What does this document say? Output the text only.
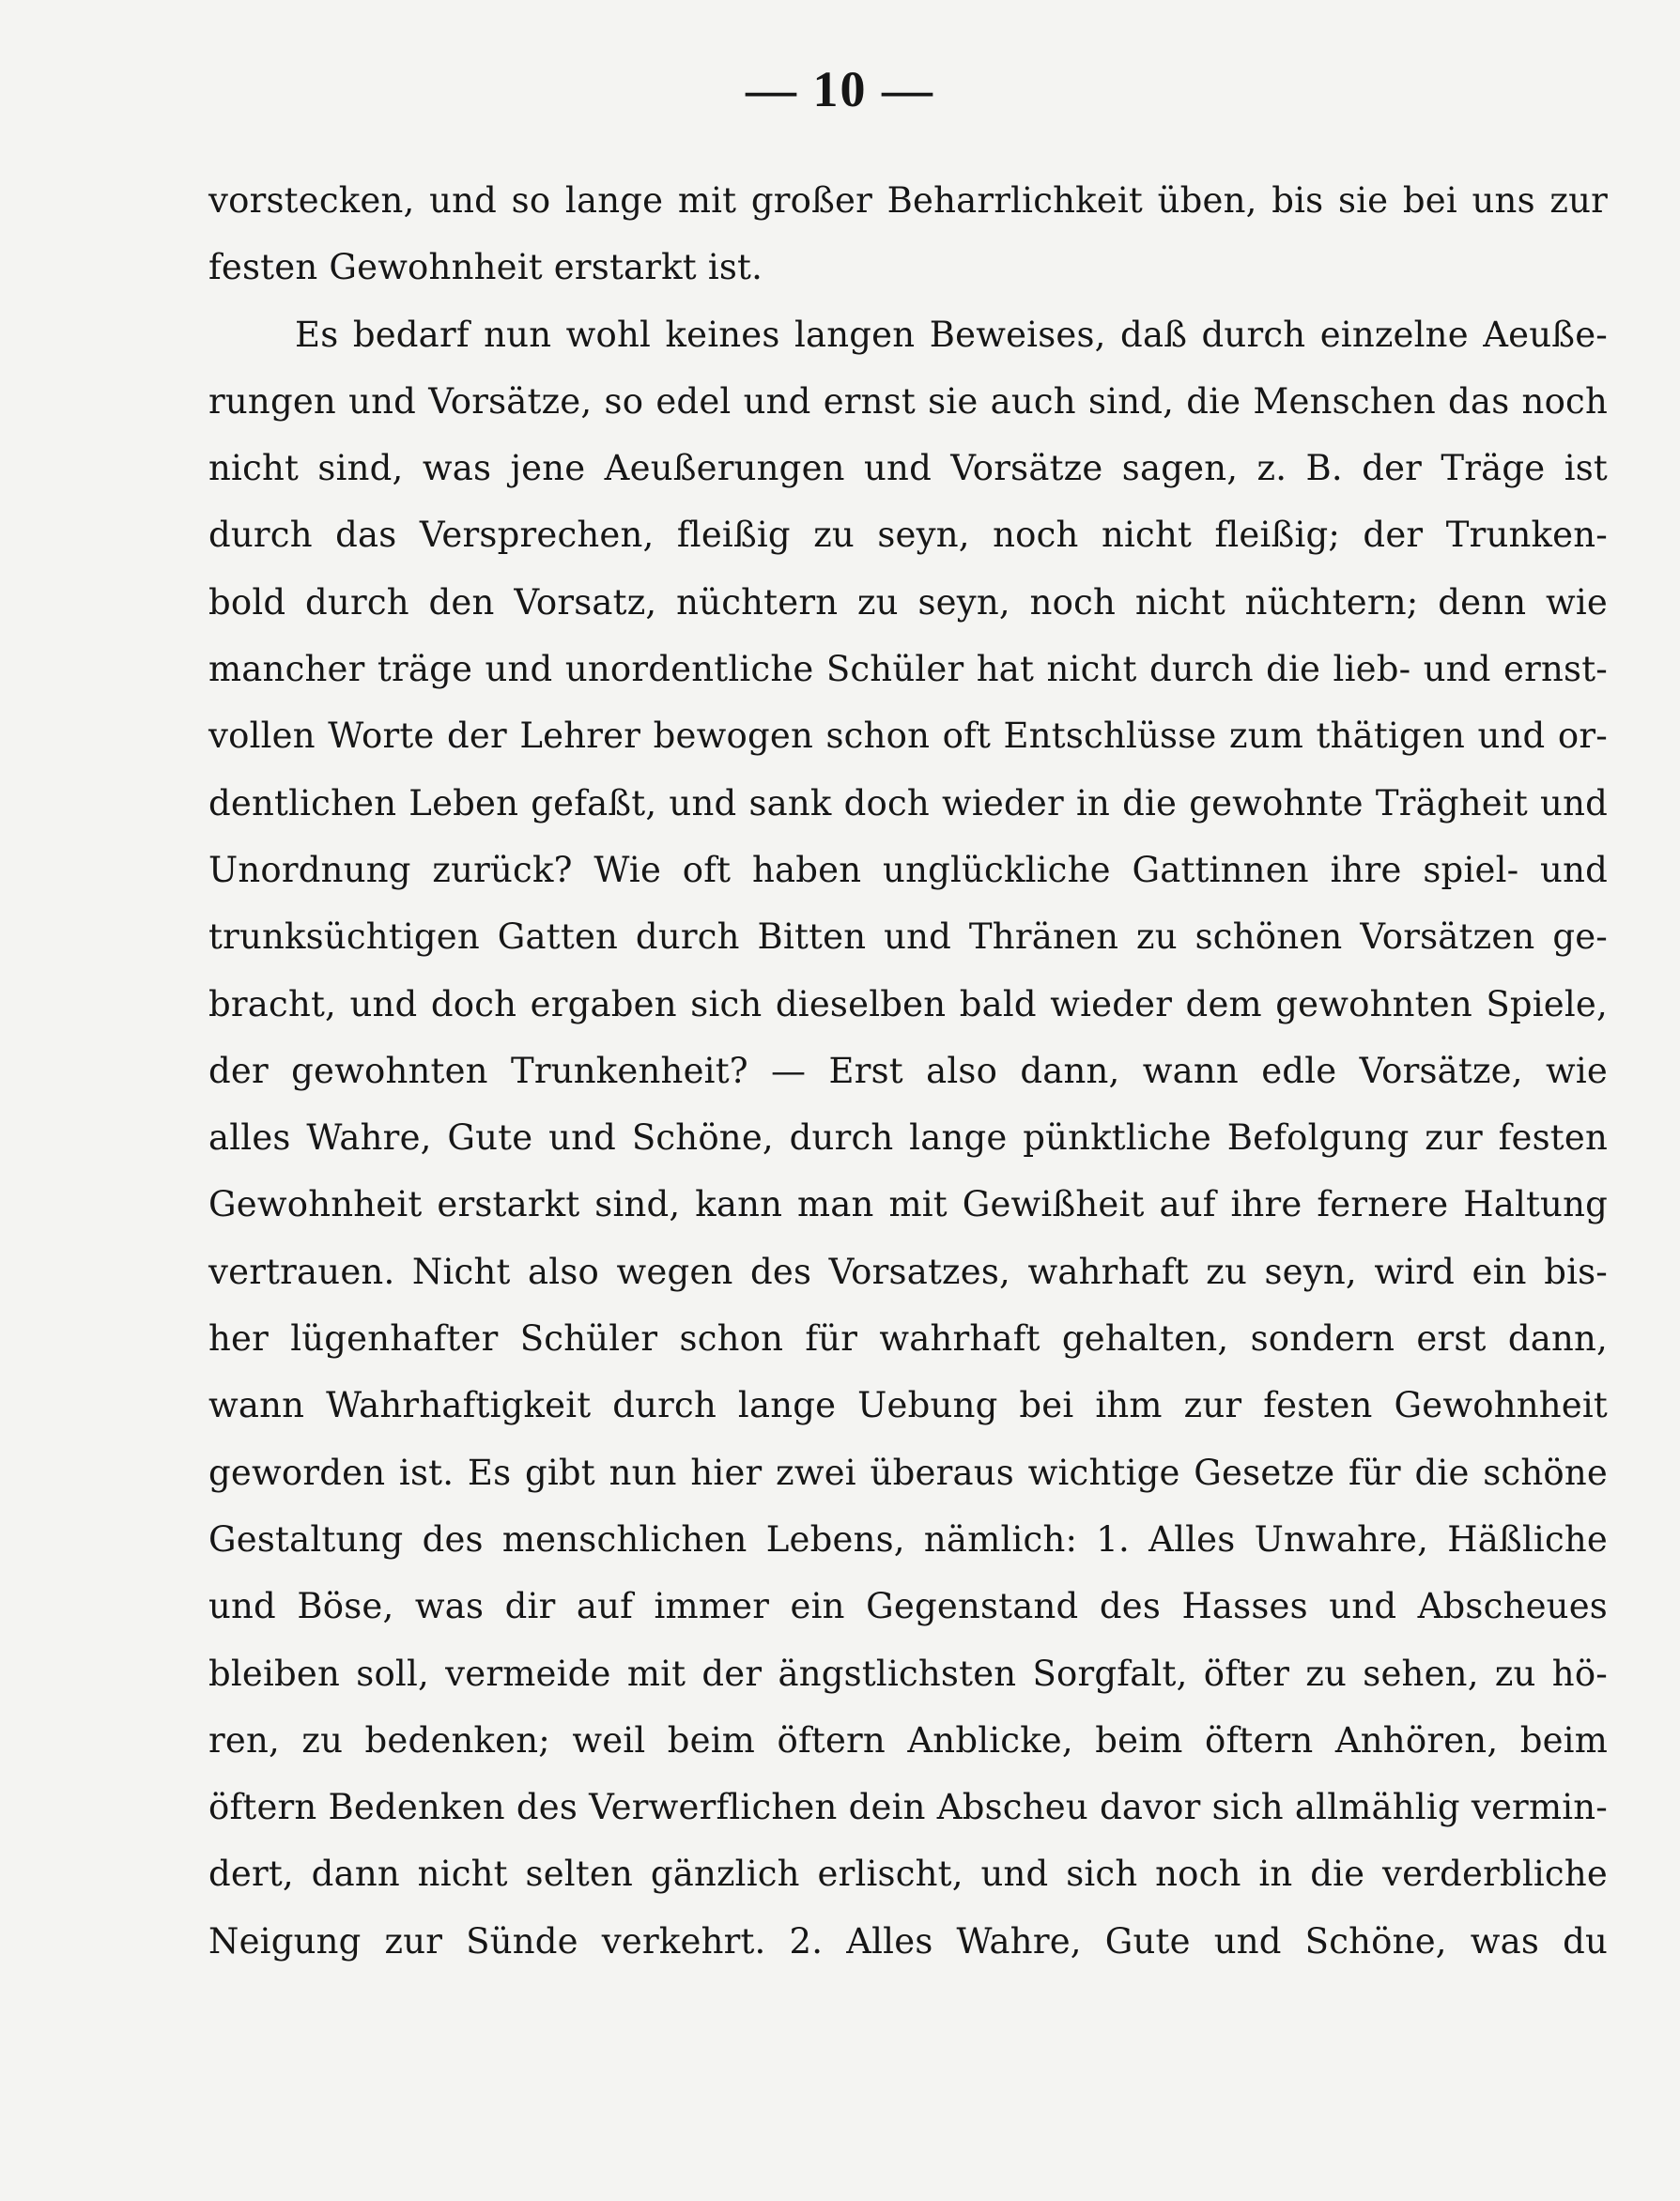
— 10 —
vorstecken, und so lange mit großer Beharrlichkeit üben, bis sie bei uns zur
festen Gewohnheit erstarkt ist.
Es bedarf nun wohl keines langen Beweises, daß durch einzelne Aeuße-
rungen und Vorsätze, so edel und ernst sie auch sind, die Menschen das noch
nicht sind, was jene Aeußerungen und Vorsätze sagen, z. B. der Träge ist
durch das Versprechen, fleißig zu seyn, noch nicht fleißig; der Trunken-
bold durch den Vorsatz, nüchtern zu seyn, noch nicht nüchtern; denn wie
mancher träge und unordentliche Schüler hat nicht durch die lieb- und ernst-
vollen Worte der Lehrer bewogen schon oft Entschlüsse zum thätigen und or-
dentlichen Leben gefaßt, und sank doch wieder in die gewohnte Trägheit und
Unordnung zurück? Wie oft haben unglückliche Gattinnen ihre spiel- und
trunksüchtigen Gatten durch Bitten und Thränen zu schönen Vorsätzen ge-
bracht, und doch ergaben sich dieselben bald wieder dem gewohnten Spiele,
der gewohnten Trunkenheit? — Erst also dann, wann edle Vorsätze, wie
alles Wahre, Gute und Schöne, durch lange pünktliche Befolgung zur festen
Gewohnheit erstarkt sind, kann man mit Gewißheit auf ihre fernere Haltung
vertrauen. Nicht also wegen des Vorsatzes, wahrhaft zu seyn, wird ein bis-
her lügenhafter Schüler schon für wahrhaft gehalten, sondern erst dann,
wann Wahrhaftigkeit durch lange Uebung bei ihm zur festen Gewohnheit
geworden ist. Es gibt nun hier zwei überaus wichtige Gesetze für die schöne
Gestaltung des menschlichen Lebens, nämlich: 1. Alles Unwahre, Häßliche
und Böse, was dir auf immer ein Gegenstand des Hasses und Abscheues
bleiben soll, vermeide mit der ängstlichsten Sorgfalt, öfter zu sehen, zu hö-
ren, zu bedenken; weil beim öftern Anblicke, beim öftern Anhören, beim
öftern Bedenken des Verwerflichen dein Abscheu davor sich allmählig vermin-
dert, dann nicht selten gänzlich erlischt, und sich noch in die verderbliche
Neigung zur Sünde verkehrt. 2. Alles Wahre, Gute und Schöne, was du
